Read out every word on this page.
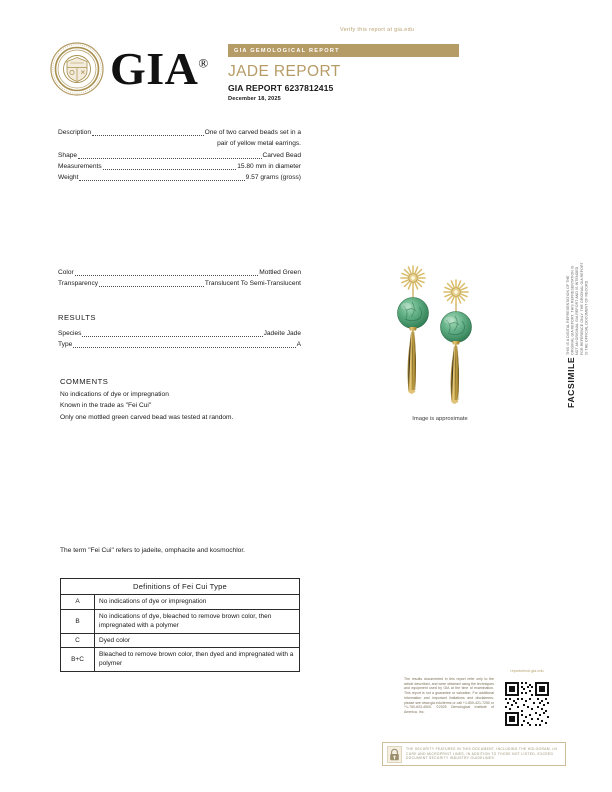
Verify this report at gia.edu
GIA®
GIA GEMOLOGICAL REPORT
JADE REPORT
GIA REPORT 6237812415
December 18, 2025
Description	One of two carved beads set in a
pair of yellow metal earrings.
Shape	Carved Bead
Measurements	15.80 mm in diameter
Weight	9.57 grams (gross)
Color	Mottled Green
Transparency	Translucent To Semi-Translucent
RESULTS
Species	Jadeite Jade
Type	A
COMMENTS

No indications of dye or impregnation

Known in the trade as "Fei Cui"

Only one mottled green carved bead was tested at random.

The term "Fei Cui" refers to jadeite, omphacite and kosmochlor.

Definitions of Fei Cui Type	
A	No indications of dye or impregnation
B	No indications of dye, bleached to remove brown color, then impregnated with a polymer
C	Dyed color
B+C	Bleached to remove brown color, then dyed and impregnated with a polymer
Image is approximate
FACSIMILE
THIS IS A DIGITAL REPRESENTATION OF THE ORIGINAL GIA REPORT. THIS REPRESENTATION IS NOT AN ORIGINAL GIA REPORT AND IS INTENDED FOR REFERENCE ONLY. THE ORIGINAL GIA REPORT IS THE OFFICIAL DOCUMENT OF RECORD.
The results documented in this report refer only to the article described, and were obtained using the techniques and equipment used by GIA at the time of examination. This report is not a guarantee or valuation. For additional information and important limitations and disclaimers, please see www.gia.edu/terms or call +1-800-421-7250 or +1-760-603-4500. ©2025 Gemological Institute of America, Inc.
reportcheck.gia.edu
THE SECURITY FEATURES IN THIS DOCUMENT, INCLUDING THE HOLOGRAM, UV CURE AND MICROPRINT LINES, IN ADDITION TO THOSE NOT LISTED, EXCEED DOCUMENT SECURITY INDUSTRY GUIDELINES.
